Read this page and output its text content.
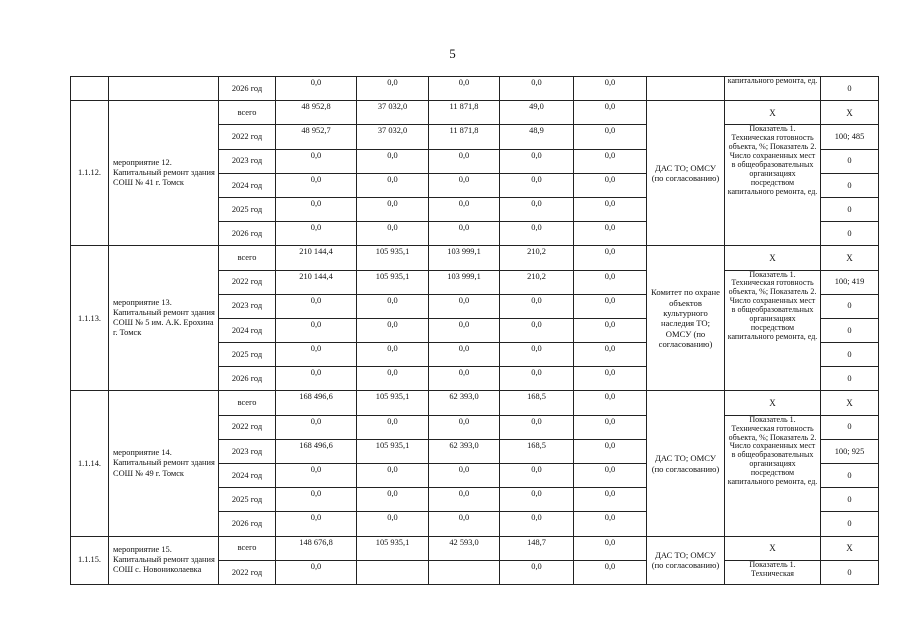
5
		2026 год	0,0	0,0	0,0	0,0	0,0		капитального ремонта, ед.	0
1.1.12.	мероприятие 12. Капитальный ремонт здания СОШ № 41 г. Томск	всего	48 952,8	37 032,0	11 871,8	49,0	0,0	ДАС ТО; ОМСУ (по согласованию)	Х	Х
		2022 год	48 952,7	37 032,0	11 871,8	48,9	0,0		Показатель 1. Техническая готовность объекта, %; Показатель 2. Число сохраненных мест в общеобразовательных организациях посредством капитального ремонта, ед.	100; 485
		2023 год	0,0	0,0	0,0	0,0	0,0			0
		2024 год	0,0	0,0	0,0	0,0	0,0			0
		2025 год	0,0	0,0	0,0	0,0	0,0			0
		2026 год	0,0	0,0	0,0	0,0	0,0			0
1.1.13.	мероприятие 13. Капитальный ремонт здания СОШ № 5 им. А.К. Ерохина г. Томск	всего	210 144,4	105 935,1	103 999,1	210,2	0,0	Комитет по охране объектов культурного наследия ТО; ОМСУ (по согласованию)	Х	Х
		2022 год	210 144,4	105 935,1	103 999,1	210,2	0,0		Показатель 1. Техническая готовность объекта, %; Показатель 2. Число сохраненных мест в общеобразовательных организациях посредством капитального ремонта, ед.	100; 419
		2023 год	0,0	0,0	0,0	0,0	0,0			0
		2024 год	0,0	0,0	0,0	0,0	0,0			0
		2025 год	0,0	0,0	0,0	0,0	0,0			0
		2026 год	0,0	0,0	0,0	0,0	0,0			0
1.1.14.	мероприятие 14. Капитальный ремонт здания СОШ № 49 г. Томск	всего	168 496,6	105 935,1	62 393,0	168,5	0,0	ДАС ТО; ОМСУ (по согласованию)	Х	Х
		2022 год	0,0	0,0	0,0	0,0	0,0		Показатель 1. Техническая готовность объекта, %; Показатель 2. Число сохраненных мест в общеобразовательных организациях посредством капитального ремонта, ед.	0
		2023 год	168 496,6	105 935,1	62 393,0	168,5	0,0			100; 925
		2024 год	0,0	0,0	0,0	0,0	0,0			0
		2025 год	0,0	0,0	0,0	0,0	0,0			0
		2026 год	0,0	0,0	0,0	0,0	0,0			0
1.1.15.	мероприятие 15. Капитальный ремонт здания СОШ с. Новониколаевка	всего	148 676,8	105 935,1	42 593,0	148,7	0,0	ДАС ТО; ОМСУ (по согласованию)	Х	Х
		2022 год	0,0			0,0	0,0		Показатель 1. Техническая	0
